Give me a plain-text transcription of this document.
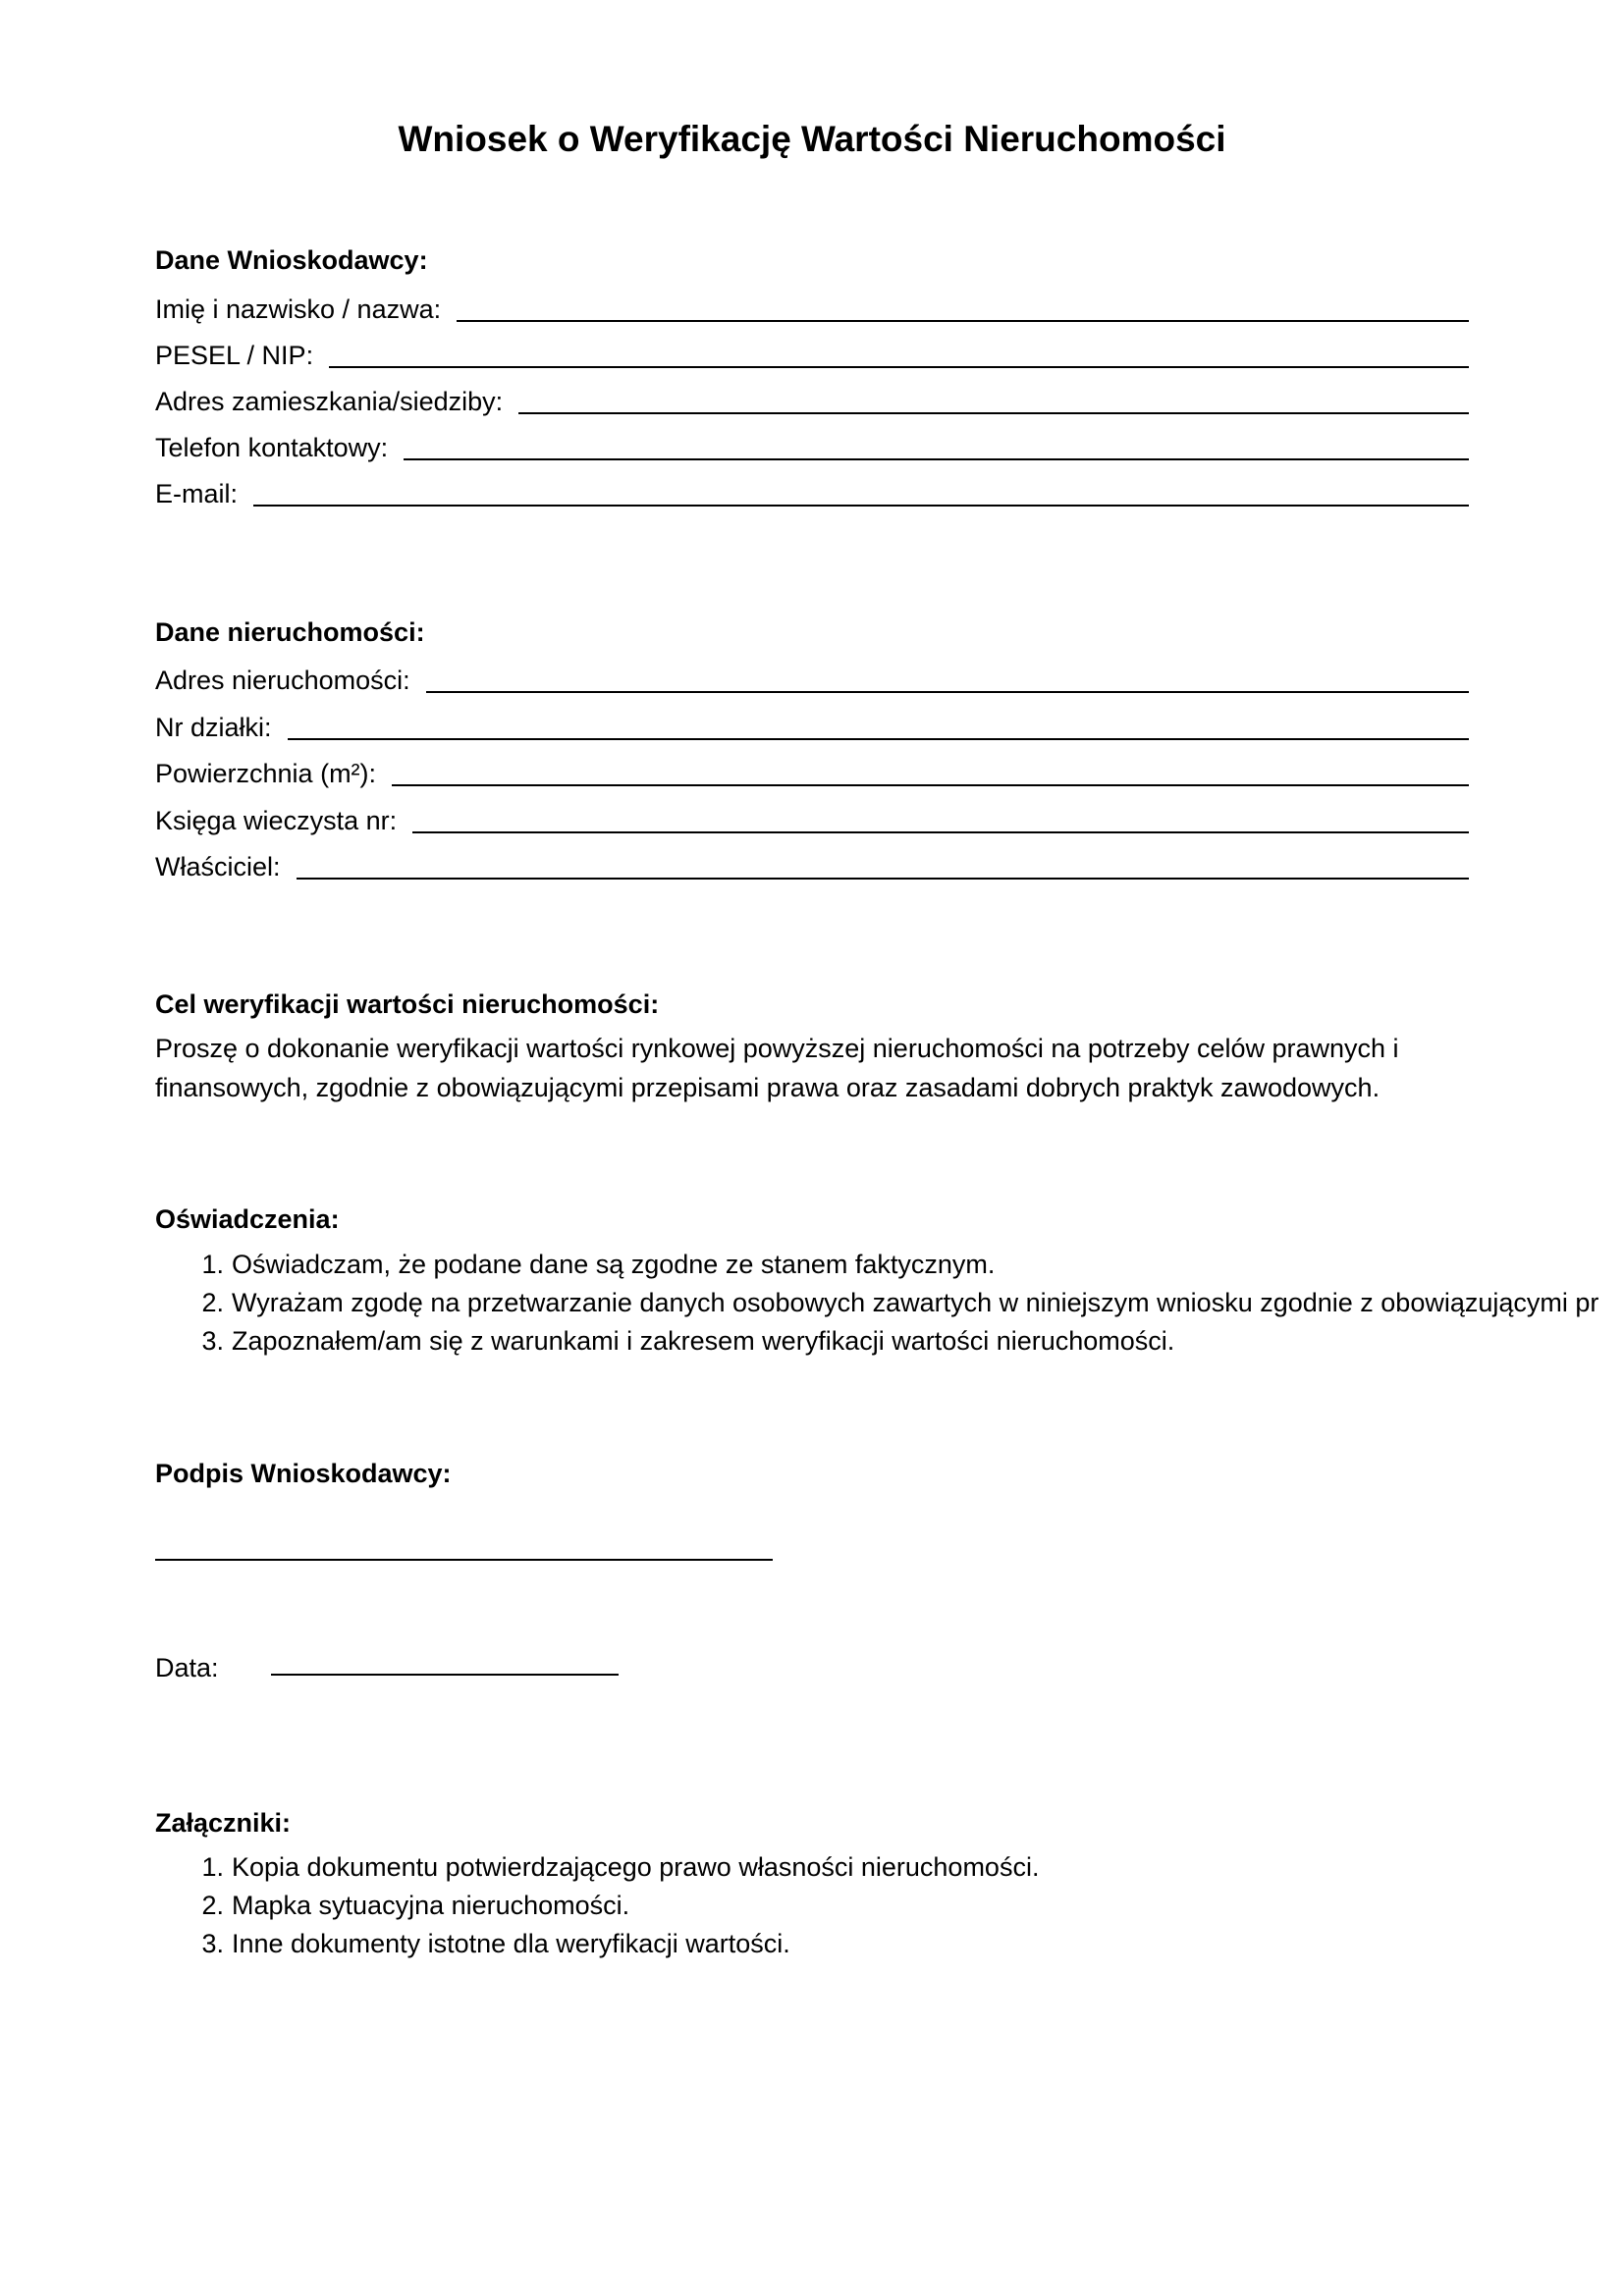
Wniosek o Weryfikację Wartości Nieruchomości
Dane Wnioskodawcy:
Imię i nazwisko / nazwa:
PESEL / NIP:
Adres zamieszkania/siedziby:
Telefon kontaktowy:
E-mail:
Dane nieruchomości:
Adres nieruchomości:
Nr działki:
Powierzchnia (m²):
Księga wieczysta nr:
Właściciel:
Cel weryfikacji wartości nieruchomości:
Proszę o dokonanie weryfikacji wartości rynkowej powyższej nieruchomości na potrzeby celów prawnych i finansowych, zgodnie z obowiązującymi przepisami prawa oraz zasadami dobrych praktyk zawodowych.
Oświadczenia:
1. Oświadczam, że podane dane są zgodne ze stanem faktycznym.
2. Wyrażam zgodę na przetwarzanie danych osobowych zawartych w niniejszym wniosku zgodnie z obowiązującymi pr
3. Zapoznałem/am się z warunkami i zakresem weryfikacji wartości nieruchomości.
Podpis Wnioskodawcy:
Data:
Załączniki:
1. Kopia dokumentu potwierdzającego prawo własności nieruchomości.
2. Mapka sytuacyjna nieruchomości.
3. Inne dokumenty istotne dla weryfikacji wartości.
